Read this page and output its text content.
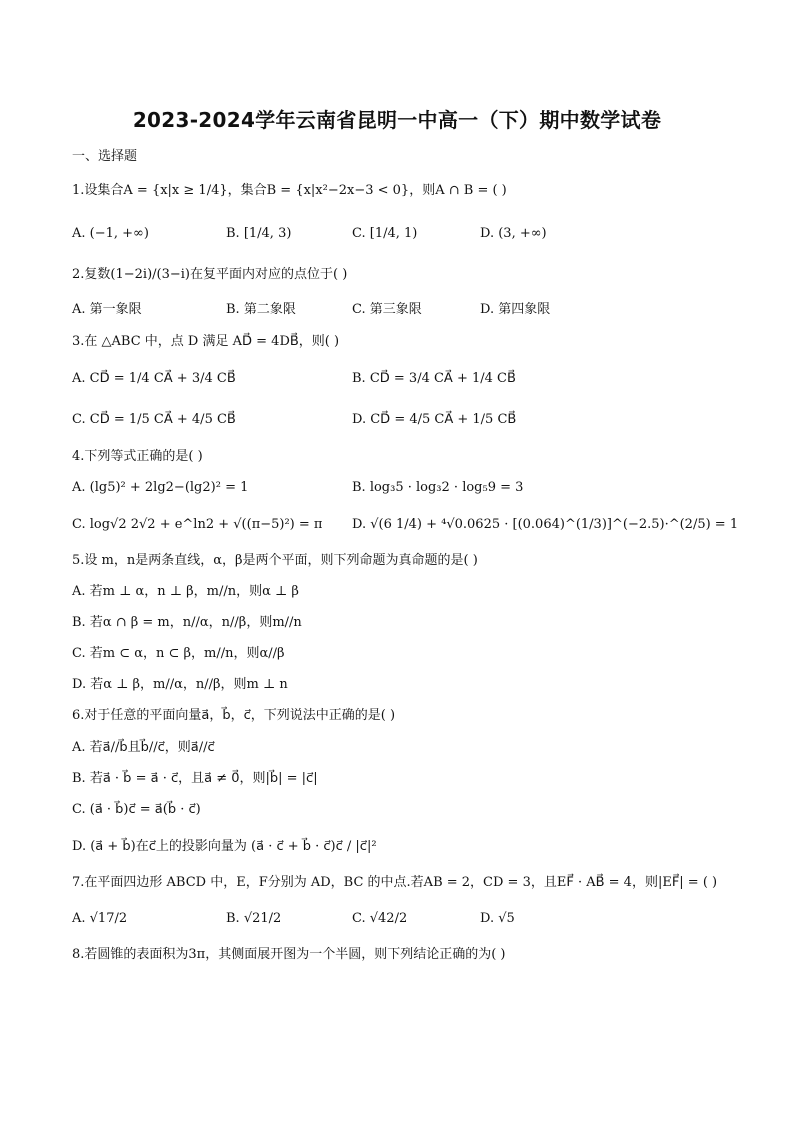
2023-2024学年云南省昆明一中高一（下）期中数学试卷
一、选择题
1.设集合A = {x|x ≥ 1/4}，集合B = {x|x²−2x−3 < 0}，则A ∩ B = ( )
A. (−1, +∞)	B. [1/4, 3)	C. [1/4, 1)	D. (3, +∞)
2.复数(1−2i)/(3−i)在复平面内对应的点位于( )
A. 第一象限	B. 第二象限	C. 第三象限	D. 第四象限
3.在 △ABC 中，点 D 满足 AD⃗ = 4DB⃗，则( )
A. CD⃗ = 1/4 CA⃗ + 3/4 CB⃗	B. CD⃗ = 3/4 CA⃗ + 1/4 CB⃗
C. CD⃗ = 1/5 CA⃗ + 4/5 CB⃗	D. CD⃗ = 4/5 CA⃗ + 1/5 CB⃗
4.下列等式正确的是( )
A. (lg5)² + 2lg2−(lg2)² = 1	B. log₃5 · log₃2 · log₅9 = 3
C. log√2 2√2 + e^ln2 + √((π−5)²) = π D. √(6 1/4) + ⁴√0.0625 · [(0.064)^(1/3)]^(−2.5)·^(2/5) = 1
5.设 m，n是两条直线，α，β是两个平面，则下列命题为真命题的是( )
A. 若m ⊥ α，n ⊥ β，m//n，则α ⊥ β
B. 若α ∩ β = m，n//α，n//β，则m//n
C. 若m ⊂ α，n ⊂ β，m//n，则α//β
D. 若α ⊥ β，m//α，n//β，则m ⊥ n
6.对于任意的平面向量a⃗，b⃗，c⃗，下列说法中正确的是( )
A. 若a⃗//b⃗且b⃗//c⃗，则a⃗//c⃗
B. 若a⃗ · b⃗ = a⃗ · c⃗，且a⃗ ≠ 0⃗，则|b⃗| = |c⃗|
C. (a⃗ · b⃗)c⃗ = a⃗(b⃗ · c⃗)
D. (a⃗ + b⃗)在c⃗上的投影向量为 (a⃗ · c⃗ + b⃗ · c⃗)c⃗ / |c⃗|²
7.在平面四边形 ABCD 中，E，F分别为 AD，BC 的中点.若AB = 2，CD = 3，且EF⃗ · AB⃗ = 4，则|EF⃗| = ( )
A. √17/2	B. √21/2	C. √42/2	D. √5
8.若圆锥的表面积为3π，其侧面展开图为一个半圆，则下列结论正确的为( )
